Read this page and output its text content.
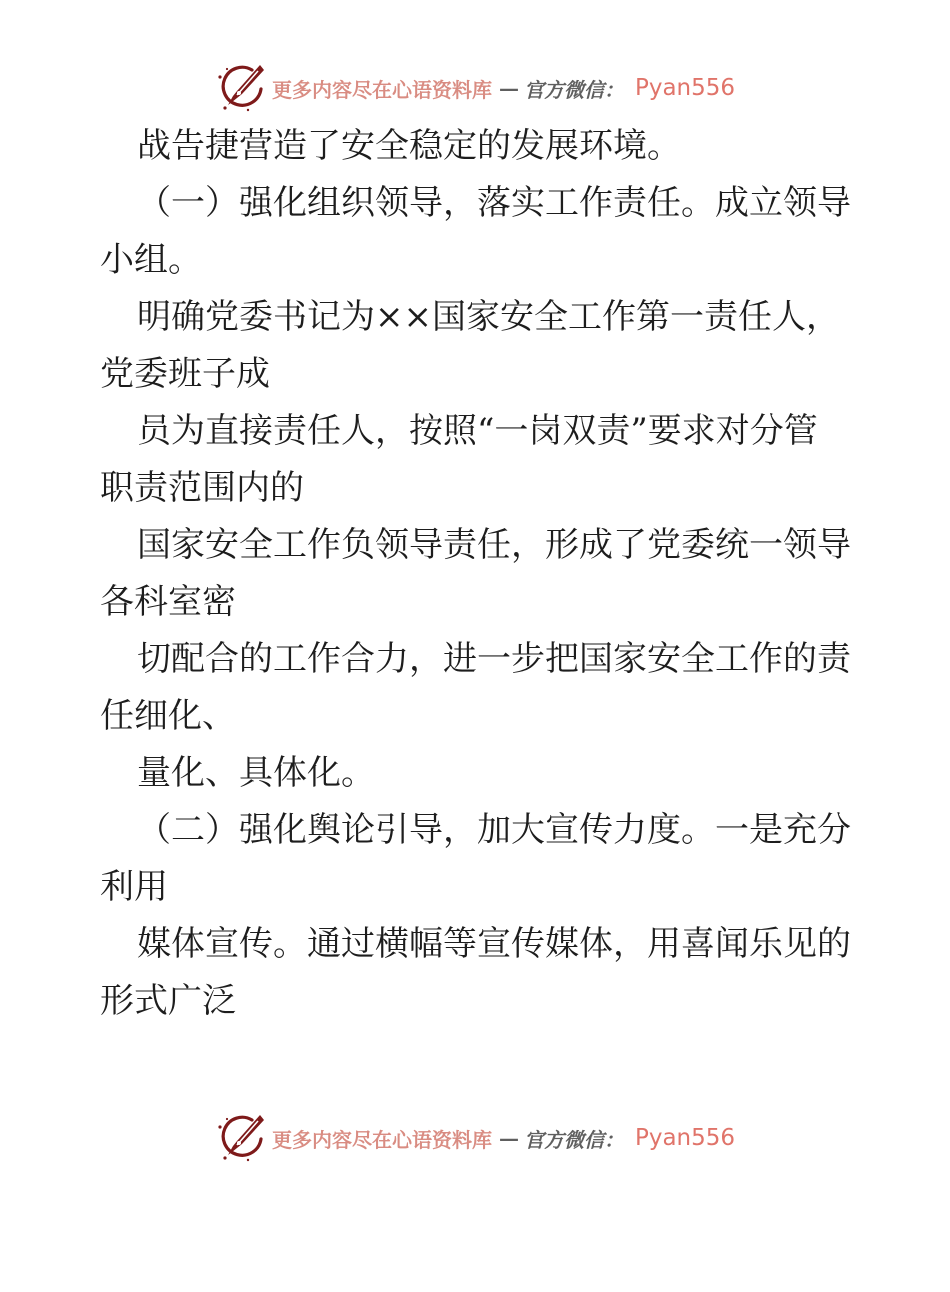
更多内容尽在心语资料库 — 官方微信： Pyan556
战告捷营造了安全稳定的发展环境。
（一）强化组织领导，落实工作责任。成立领导
小组。
明确党委书记为××国家安全工作第一责任人，
党委班子成
员为直接责任人，按照“一岗双责”要求对分管
职责范围内的
国家安全工作负领导责任，形成了党委统一领导
各科室密
切配合的工作合力，进一步把国家安全工作的责
任细化、
量化、具体化。
（二）强化舆论引导，加大宣传力度。一是充分
利用
媒体宣传。通过横幅等宣传媒体，用喜闻乐见的
形式广泛
更多内容尽在心语资料库 — 官方微信： Pyan556
